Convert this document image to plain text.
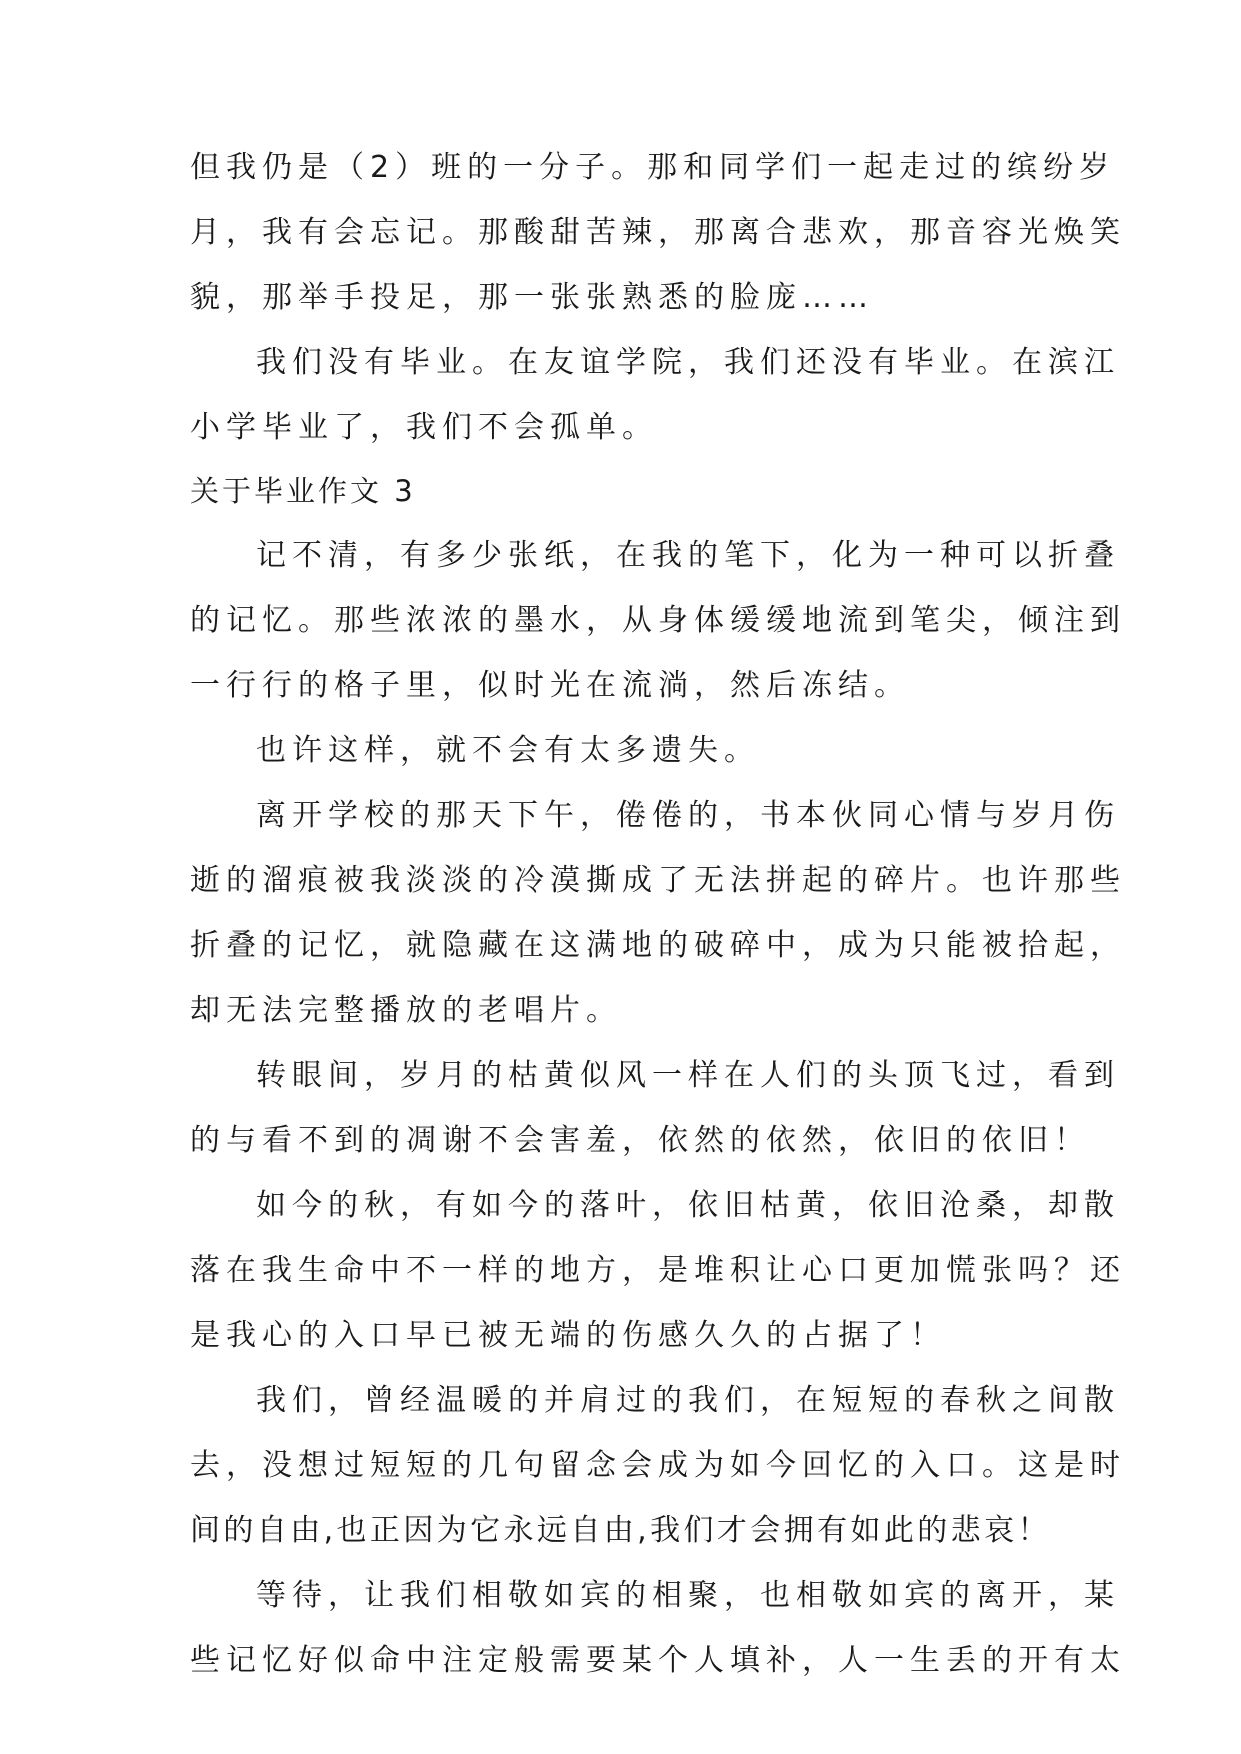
但我仍是（2）班的一分子。那和同学们一起走过的缤纷岁
月，我有会忘记。那酸甜苦辣，那离合悲欢，那音容光焕笑
貌，那举手投足，那一张张熟悉的脸庞……
我们没有毕业。在友谊学院，我们还没有毕业。在滨江
小学毕业了，我们不会孤单。
关于毕业作文 3
记不清，有多少张纸，在我的笔下，化为一种可以折叠
的记忆。那些浓浓的墨水，从身体缓缓地流到笔尖，倾注到
一行行的格子里，似时光在流淌，然后冻结。
也许这样，就不会有太多遗失。
离开学校的那天下午，倦倦的，书本伙同心情与岁月伤
逝的溜痕被我淡淡的冷漠撕成了无法拼起的碎片。也许那些
折叠的记忆，就隐藏在这满地的破碎中，成为只能被拾起，
却无法完整播放的老唱片。
转眼间，岁月的枯黄似风一样在人们的头顶飞过，看到
的与看不到的凋谢不会害羞，依然的依然，依旧的依旧！
如今的秋，有如今的落叶，依旧枯黄，依旧沧桑，却散
落在我生命中不一样的地方，是堆积让心口更加慌张吗？还
是我心的入口早已被无端的伤感久久的占据了！
我们，曾经温暖的并肩过的我们，在短短的春秋之间散
去，没想过短短的几句留念会成为如今回忆的入口。这是时
间的自由,也正因为它永远自由,我们才会拥有如此的悲哀！
等待，让我们相敬如宾的相聚，也相敬如宾的离开，某
些记忆好似命中注定般需要某个人填补，人一生丢的开有太
